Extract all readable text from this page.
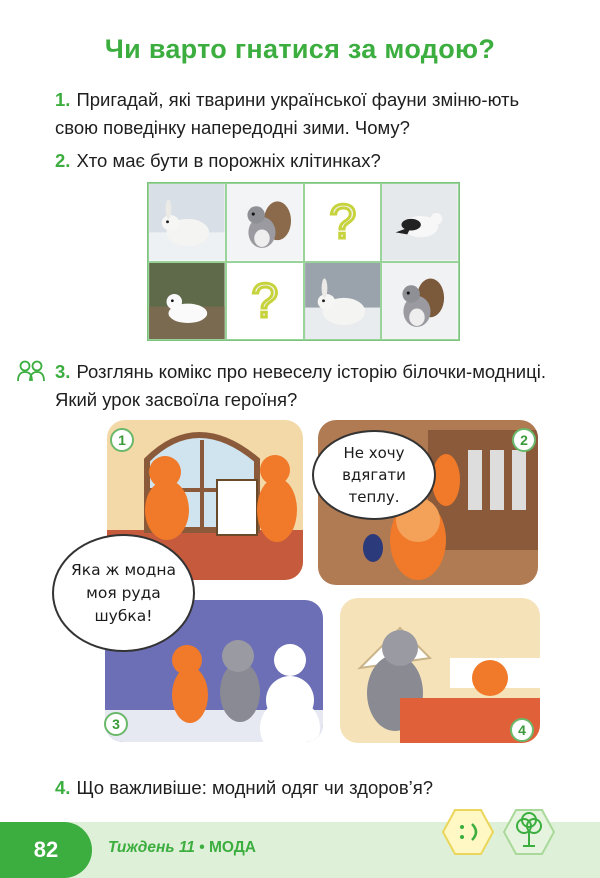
Чи варто гнатися за модою?
1. Пригадай, які тварини української фауни зміню-ють свою поведінку напередодні зими. Чому?
2. Хто має бути в порожніх клітинках?
?
?
3. Розглянь комікс про невеселу історію білочки-модниці. Який урок засвоїла героїня?
1	2
3	4
Не хочу
вдягати
теплу.
Яка ж модна
моя руда
шубка!
4. Що важливіше: модний одяг чи здоров’я?
82	Тиждень 11 • МОДА
